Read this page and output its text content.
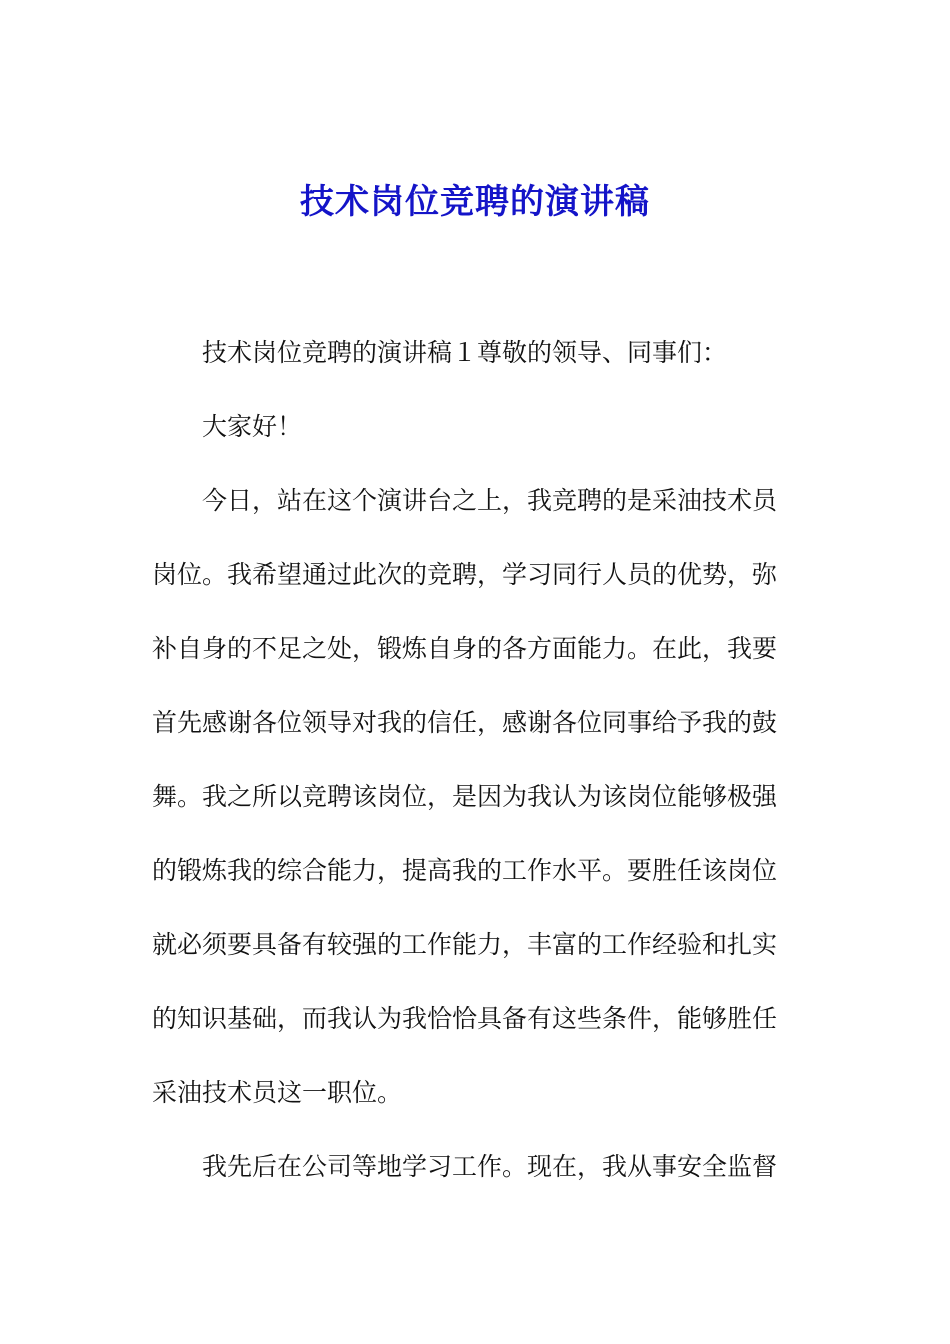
技术岗位竞聘的演讲稿
技术岗位竞聘的演讲稿１尊敬的领导、同事们：
大家好！
今日，站在这个演讲台之上，我竞聘的是采油技术员
岗位。我希望通过此次的竞聘，学习同行人员的优势，弥
补自身的不足之处，锻炼自身的各方面能力。在此，我要
首先感谢各位领导对我的信任，感谢各位同事给予我的鼓
舞。我之所以竞聘该岗位，是因为我认为该岗位能够极强
的锻炼我的综合能力，提高我的工作水平。要胜任该岗位
就必须要具备有较强的工作能力，丰富的工作经验和扎实
的知识基础，而我认为我恰恰具备有这些条件，能够胜任
采油技术员这一职位。
我先后在公司等地学习工作。现在，我从事安全监督
